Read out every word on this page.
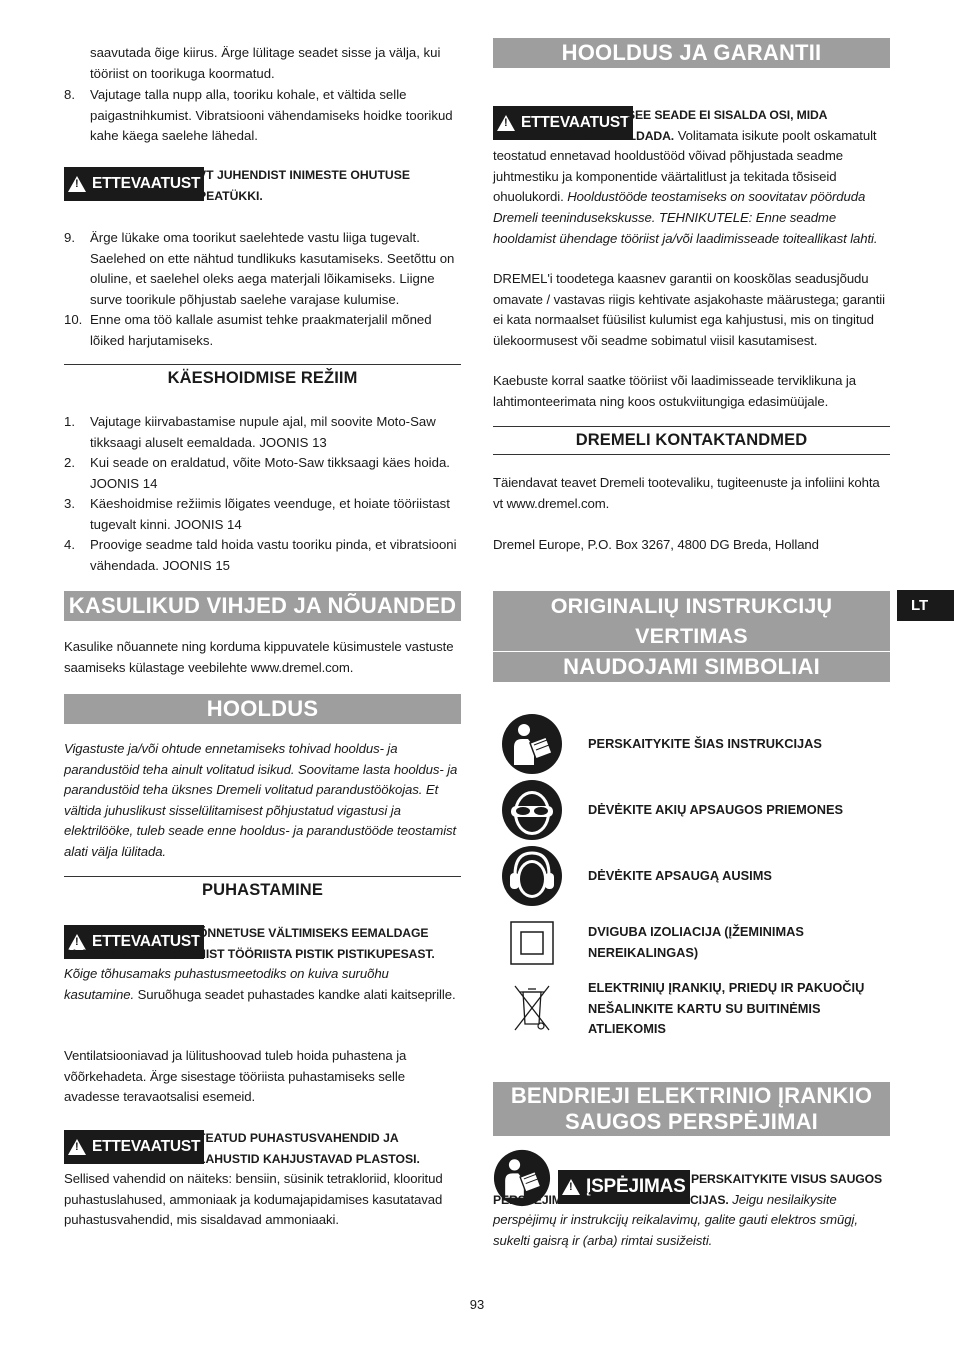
saavutada õige kiirus. Ärge lülitage seadet sisse ja välja, kui tööriist on toorikuga koormatud.
8. Vajutage talla nupp alla, tooriku kohale, et vältida selle paigastnihkumist. Vibratsiooni vähendamiseks hoidke toorikud kahe käega saelehe lähedal.
!
ETTEVAATUST
VT JUHENDIST INIMESTE OHUTUSE PEATÜKKI.
9. Ärge lükake oma toorikut saelehtede vastu liiga tugevalt. Saelehed on ette nähtud tundlikuks kasutamiseks. Seetõttu on oluline, et saelehel oleks aega materjali lõikamiseks. Liigne surve toorikule põhjustab saelehe varajase kulumise.
10. Enne oma töö kallale asumist tehke praakmaterjalil mõned lõiked harjutamiseks.
KÄESHOIDMISE REŽIIM
1. Vajutage kiirvabastamise nupule ajal, mil soovite Moto-Saw tikksaagi aluselt eemaldada. JOONIS 13
2. Kui seade on eraldatud, võite Moto-Saw tikksaagi käes hoida. JOONIS 14
3. Käeshoidmise režiimis lõigates veenduge, et hoiate tööriistast tugevalt kinni. JOONIS 14
4. Proovige seadme tald hoida vastu tooriku pinda, et vibratsiooni vähendada. JOONIS 15
KASULIKUD VIHJED JA NÕUANDED

Kasulike nõuannete ning korduma kippuvatele küsimustele vastuste saamiseks külastage veebilehte www.dremel.com.

HOOLDUS

Vigastuste ja/või ohtude ennetamiseks tohivad hooldus- ja parandustöid teha ainult volitatud isikud. Soovitame lasta hooldus- ja parandustöid teha üksnes Dremeli volitatud parandustöökojas. Et vältida juhuslikust sisselülitamisest põhjustatud vigastusi ja elektrilööke, tuleb seade enne hooldus- ja parandustööde teostamist alati välja lülitada.

PUHASTAMINE
!
ETTEVAATUST
ÕNNETUSE VÄLTIMISEKS EEMALDAGE ALATI ENNE PUHASTAMIST TÖÖRIISTA PISTIK PISTIKUPESAST. Kõige tõhusamaks puhastusmeetodiks on kuiva suruõhu kasutamine. Suruõhuga seadet puhastades kandke alati kaitseprille.

Ventilatsiooniavad ja lülitushoovad tuleb hoida puhastena ja võõrkehadeta. Ärge sisestage tööriista puhastamiseks selle avadesse teravaotsalisi esemeid.

!
ETTEVAATUST
TEATUD PUHASTUSVAHENDID JA LAHUSTID KAHJUSTAVAD PLASTOSI.

Sellised vahendid on näiteks: bensiin, süsinik tetrakloriid, klooritud puhastuslahused, ammoniaak ja kodumajapidamises kasutatavad puhastusvahendid, mis sisaldavad ammoniaaki.

HOOLDUS JA GARANTII
!
ETTEVAATUST
SEE SEADE EI SISALDA OSI, MIDA KASUTAJA VÕIKS HOOLDADA. Volitamata isikute poolt oskamatult teostatud ennetavad hooldustööd võivad põhjustada seadme juhtmestiku ja komponentide väärtalitlust ja tekitada tõsiseid ohuolukordi. Hooldustööde teostamiseks on soovitatav pöörduda Dremeli teenindusekskusse. TEHNIKUTELE: Enne seadme hooldamist ühendage tööriist ja/või laadimisseade toiteallikast lahti.

DREMEL'i toodetega kaasnev garantii on kooskõlas seadusjõudu omavate / vastavas riigis kehtivate asjakohaste määrustega; garantii ei kata normaalset füüsilist kulumist ega kahjustusi, mis on tingitud ülekoormusest või seadme sobimatul viisil kasutamisest.

Kaebuste korral saatke tööriist või laadimisseade terviklikuna ja lahtimonteerimata ning koos ostukviitungiga edasimüüjale.

DREMELI KONTAKTANDMED

Täiendavat teavet Dremeli tootevaliku, tugiteenuste ja infoliini kohta vt www.dremel.com.

Dremel Europe, P.O. Box 3267, 4800 DG Breda, Holland

ORIGINALIŲ INSTRUKCIJŲ VERTIMAS
NAUDOJAMI SIMBOLIAI
PERSKAITYKITE ŠIAS INSTRUKCIJAS
DĖVĖKITE AKIŲ APSAUGOS PRIEMONES
DĖVĖKITE APSAUGĄ AUSIMS
DVIGUBA IZOLIACIJA (ĮŽEMINIMAS NEREIKALINGAS)
ELEKTRINIŲ ĮRANKIŲ, PRIEDŲ IR PAKUOČIŲ NEŠALINKITE KARTU SU BUITINĖMIS ATLIEKOMIS
BENDRIEJI ELEKTRINIO ĮRANKIO
SAUGOS PERSPĖJIMAI
!
ĮSPĖJIMAS PERSKAITYKITE VISUS SAUGOS PERSPĖJIMUS IR VISAS INSTRUKCIJAS. Jeigu nesilaikysite perspėjimų ir instrukcijų reikalavimų, galite gauti elektros smūgį, sukelti gaisrą ir (arba) rimtai susižeisti.
LT
93
